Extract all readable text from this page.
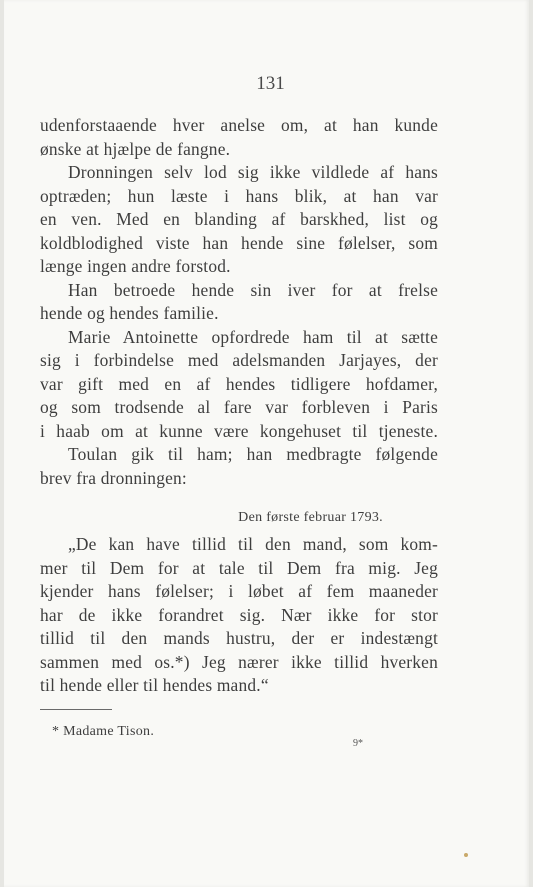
131
udenforstaaende hver anelse om, at han kunde
ønske at hjælpe de fangne.
Dronningen selv lod sig ikke vildlede af hans
optræden; hun læste i hans blik, at han var
en ven. Med en blanding af barskhed, list og
koldblodighed viste han hende sine følelser, som
længe ingen andre forstod.
Han betroede hende sin iver for at frelse
hende og hendes familie.
Marie Antoinette opfordrede ham til at sætte
sig i forbindelse med adelsmanden Jarjayes, der
var gift med en af hendes tidligere hofdamer,
og som trodsende al fare var forbleven i Paris
i haab om at kunne være kongehuset til tjeneste.
Toulan gik til ham; han medbragte følgende
brev fra dronningen:
Den første februar 1793.
„De kan have tillid til den mand, som kom-
mer til Dem for at tale til Dem fra mig. Jeg
kjender hans følelser; i løbet af fem maaneder
har de ikke forandret sig. Nær ikke for stor
tillid til den mands hustru, der er indestængt
sammen med os.*) Jeg nærer ikke tillid hverken
til hende eller til hendes mand.“
* Madame Tison.
9*
